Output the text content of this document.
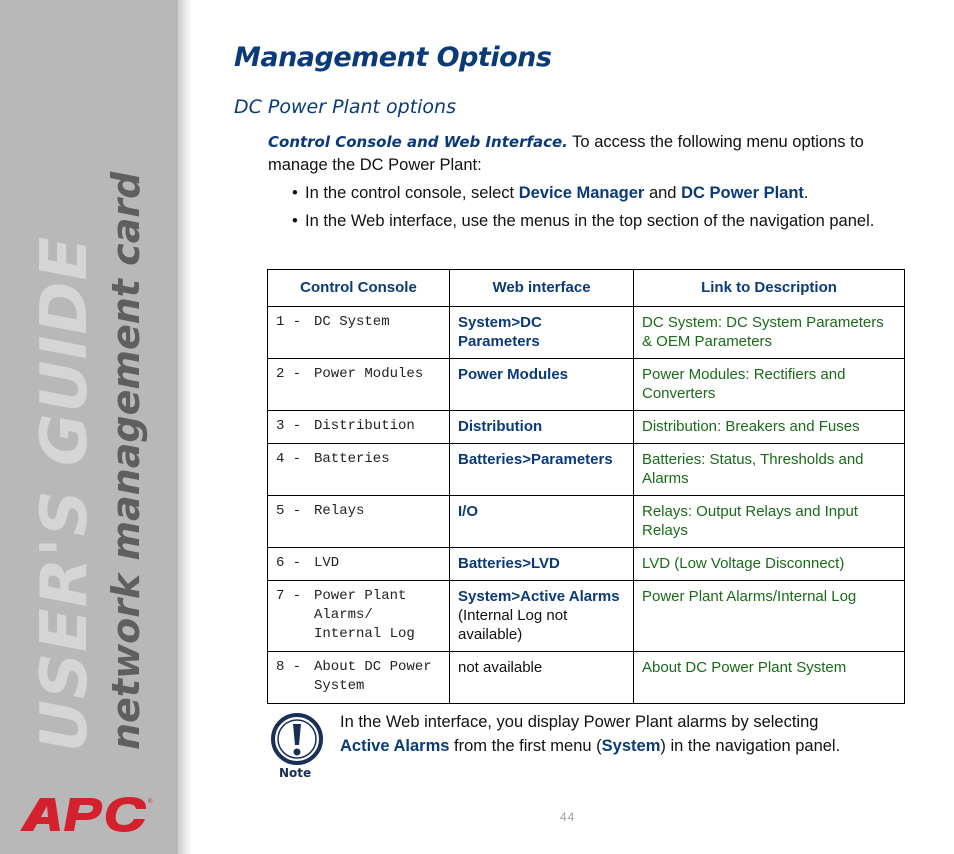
USER'S GUIDE network management card
®
Management Options
DC Power Plant options
Control Console and Web Interface. To access the following menu options to manage the DC Power Plant:
• In the control console, select Device Manager and DC Power Plant.
• In the Web interface, use the menus in the top section of the navigation panel.
Control Console	Web interface	Link to Description

1 - DC System	System>DC Parameters	DC System: DC System Parameters & OEM Parameters

2 - Power Modules	Power Modules	Power Modules: Rectifiers and Converters

3 - Distribution	Distribution	Distribution: Breakers and Fuses

4 - Batteries	Batteries>Parameters	Batteries: Status, Thresholds and Alarms

5 - Relays	I/O	Relays: Output Relays and Input Relays

6 - LVD	Batteries>LVD	LVD (Low Voltage Disconnect)

7 - Power Plant Alarms/ Internal Log	System>Active Alarms (Internal Log not available)	Power Plant Alarms/Internal Log

8 - About DC Power System	not available	About DC Power Plant System
Note
In the Web interface, you display Power Plant alarms by selecting Active Alarms from the first menu (System) in the navigation panel.
44
